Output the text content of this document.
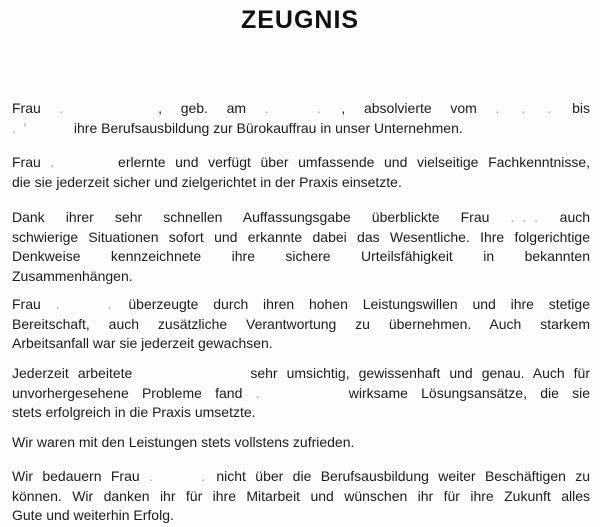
ZEUGNIS
Frau .	, geb. am . . , absolvierte vom . . . bis
. '	ihre Berufsausbildung zur Bürokauffrau in unser Unternehmen.
Frau .	erlernte und verfügt über umfassende und vielseitige Fachkenntnisse,
die sie jederzeit sicher und zielgerichtet in der Praxis einsetzte.
Dank ihrer sehr schnellen Auffassungsgabe überblickte Frau . . . auch
schwierige Situationen sofort und erkannte dabei das Wesentliche. Ihre folgerichtige
Denkweise kennzeichnete ihre sichere Urteilsfähigkeit in bekannten
Zusammenhängen.
Frau . . überzeugte durch ihren hohen Leistungswillen und ihre stetige
Bereitschaft, auch zusätzliche Verantwortung zu übernehmen. Auch starkem
Arbeitsanfall war sie jederzeit gewachsen.
Jederzeit arbeitete	sehr umsichtig, gewissenhaft und genau. Auch für
unvorhergesehene Probleme fand .	wirksame Lösungsansätze, die sie
stets erfolgreich in die Praxis umsetzte.
Wir waren mit den Leistungen stets vollstens zufrieden.
Wir bedauern Frau . . nicht über die Berufsausbildung weiter Beschäftigen zu
können. Wir danken ihr für ihre Mitarbeit und wünschen ihr für ihre Zukunft alles
Gute und weiterhin Erfolg.
